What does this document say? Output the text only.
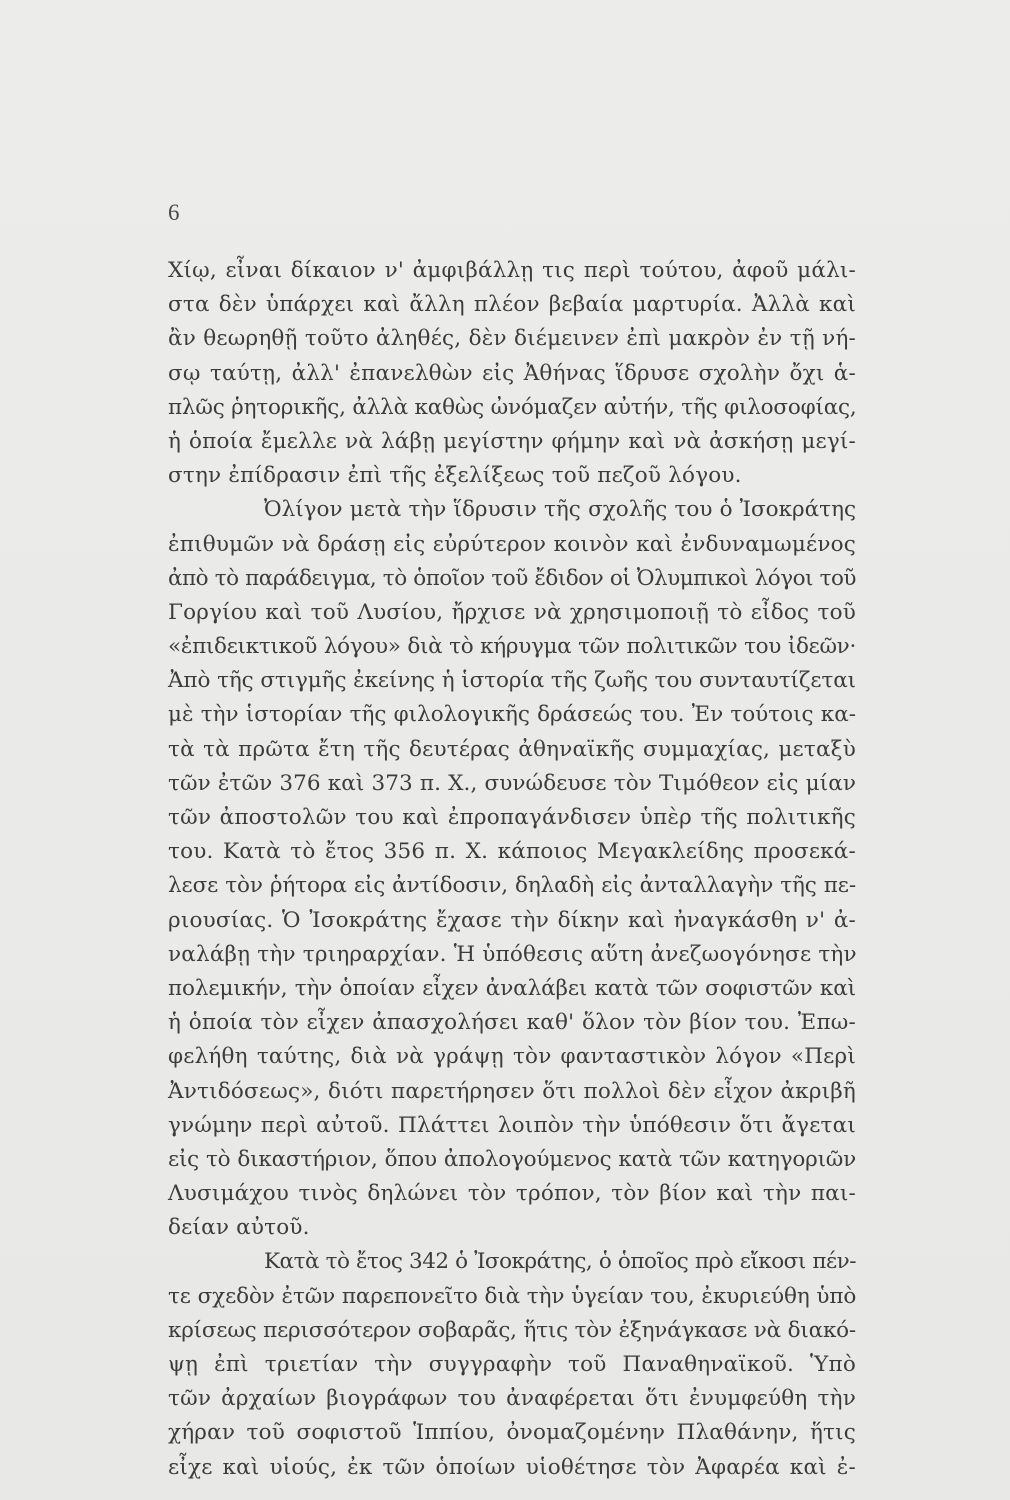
6
Χίῳ, εἶναι δίκαιον ν' ἀμφιβάλλῃ τις περὶ τούτου, ἀφοῦ μάλι-
στα δὲν ὑπάρχει καὶ ἄλλη πλέον βεβαία μαρτυρία. Ἀλλὰ καὶ
ἂν θεωρηθῇ τοῦτο ἀληθές, δὲν διέμεινεν ἐπὶ μακρὸν ἐν τῇ νή-
σῳ ταύτῃ, ἀλλ' ἐπανελθὼν εἰς Ἀθήνας ἵδρυσε σχολὴν ὄχι ἁ-
πλῶς ῥητορικῆς, ἀλλὰ καθὼς ὠνόμαζεν αὐτήν, τῆς φιλοσοφίας,
ἡ ὁποία ἔμελλε νὰ λάβῃ μεγίστην φήμην καὶ νὰ ἀσκήσῃ μεγί-
στην ἐπίδρασιν ἐπὶ τῆς ἐξελίξεως τοῦ πεζοῦ λόγου.
Ὀλίγον μετὰ τὴν ἵδρυσιν τῆς σχολῆς του ὁ Ἰσοκράτης
ἐπιθυμῶν νὰ δράσῃ εἰς εὐρύτερον κοινὸν καὶ ἐνδυναμωμένος
ἀπὸ τὸ παράδειγμα, τὸ ὁποῖον τοῦ ἔδιδον οἱ Ὀλυμπικοὶ λόγοι τοῦ
Γοργίου καὶ τοῦ Λυσίου, ἤρχισε νὰ χρησιμοποιῇ τὸ εἶδος τοῦ
«ἐπιδεικτικοῦ λόγου» διὰ τὸ κήρυγμα τῶν πολιτικῶν του ἰδεῶν·
Ἀπὸ τῆς στιγμῆς ἐκείνης ἡ ἱστορία τῆς ζωῆς του συνταυτίζεται
μὲ τὴν ἱστορίαν τῆς φιλολογικῆς δράσεώς του. Ἐν τούτοις κα-
τὰ τὰ πρῶτα ἔτη τῆς δευτέρας ἀθηναϊκῆς συμμαχίας, μεταξὺ
τῶν ἐτῶν 376 καὶ 373 π. Χ., συνώδευσε τὸν Τιμόθεον εἰς μίαν
τῶν ἀποστολῶν του καὶ ἐπροπαγάνδισεν ὑπὲρ τῆς πολιτικῆς
του. Κατὰ τὸ ἔτος 356 π. Χ. κάποιος Μεγακλείδης προσεκά-
λεσε τὸν ῥήτορα εἰς ἀντίδοσιν, δηλαδὴ εἰς ἀνταλλαγὴν τῆς πε-
ριουσίας. Ὁ Ἰσοκράτης ἔχασε τὴν δίκην καὶ ἠναγκάσθη ν' ἀ-
ναλάβῃ τὴν τριηραρχίαν. Ἡ ὑπόθεσις αὕτη ἀνεζωογόνησε τὴν
πολεμικήν, τὴν ὁποίαν εἶχεν ἀναλάβει κατὰ τῶν σοφιστῶν καὶ
ἡ ὁποία τὸν εἶχεν ἀπασχολήσει καθ' ὅλον τὸν βίον του. Ἐπω-
φελήθη ταύτης, διὰ νὰ γράψῃ τὸν φανταστικὸν λόγον «Περὶ
Ἀντιδόσεως», διότι παρετήρησεν ὅτι πολλοὶ δὲν εἶχον ἀκριβῆ
γνώμην περὶ αὐτοῦ. Πλάττει λοιπὸν τὴν ὑπόθεσιν ὅτι ἄγεται
εἰς τὸ δικαστήριον, ὅπου ἀπολογούμενος κατὰ τῶν κατηγοριῶν
Λυσιμάχου τινὸς δηλώνει τὸν τρόπον, τὸν βίον καὶ τὴν παι-
δείαν αὐτοῦ.
Κατὰ τὸ ἔτος 342 ὁ Ἰσοκράτης, ὁ ὁποῖος πρὸ εἴκοσι πέν-
τε σχεδὸν ἐτῶν παρεπονεῖτο διὰ τὴν ὑγείαν του, ἐκυριεύθη ὑπὸ
κρίσεως περισσότερον σοβαρᾶς, ἥτις τὸν ἐξηνάγκασε νὰ διακό-
ψῃ ἐπὶ τριετίαν τὴν συγγραφὴν τοῦ Παναθηναϊκοῦ. Ὑπὸ
τῶν ἀρχαίων βιογράφων του ἀναφέρεται ὅτι ἐνυμφεύθη τὴν
χήραν τοῦ σοφιστοῦ Ἱππίου, ὀνομαζομένην Πλαθάνην, ἥτις
εἶχε καὶ υἱούς, ἐκ τῶν ὁποίων υἱοθέτησε τὸν Ἀφαρέα καὶ ἐ-
